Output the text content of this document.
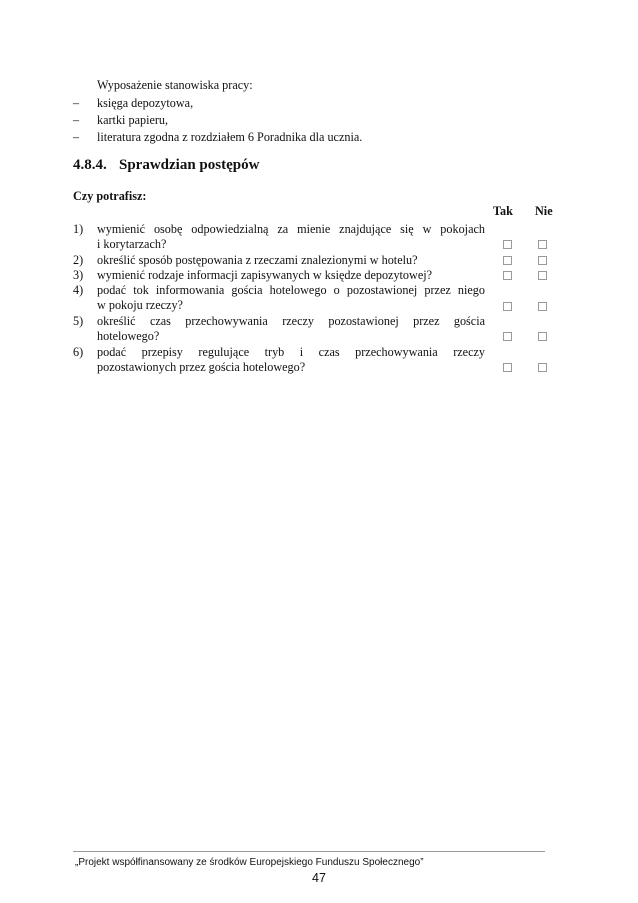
Wyposażenie stanowiska pracy:
– księga depozytowa,
– kartki papieru,
– literatura zgodna z rozdziałem 6 Poradnika dla ucznia.
4.8.4. Sprawdzian postępów
Czy potrafisz:
Tak Nie
1) wymienić osobę odpowiedzialną za mienie znajdujące się w pokojach
i korytarzach?
2) określić sposób postępowania z rzeczami znalezionymi w hotelu?
3) wymienić rodzaje informacji zapisywanych w księdze depozytowej?
4) podać tok informowania gościa hotelowego o pozostawionej przez niego
w pokoju rzeczy?
5) określić czas przechowywania rzeczy pozostawionej przez gościa
hotelowego?
6) podać przepisy regulujące tryb i czas przechowywania rzeczy
pozostawionych przez gościa hotelowego?
„Projekt współfinansowany ze środków Europejskiego Funduszu Społecznego”
47
